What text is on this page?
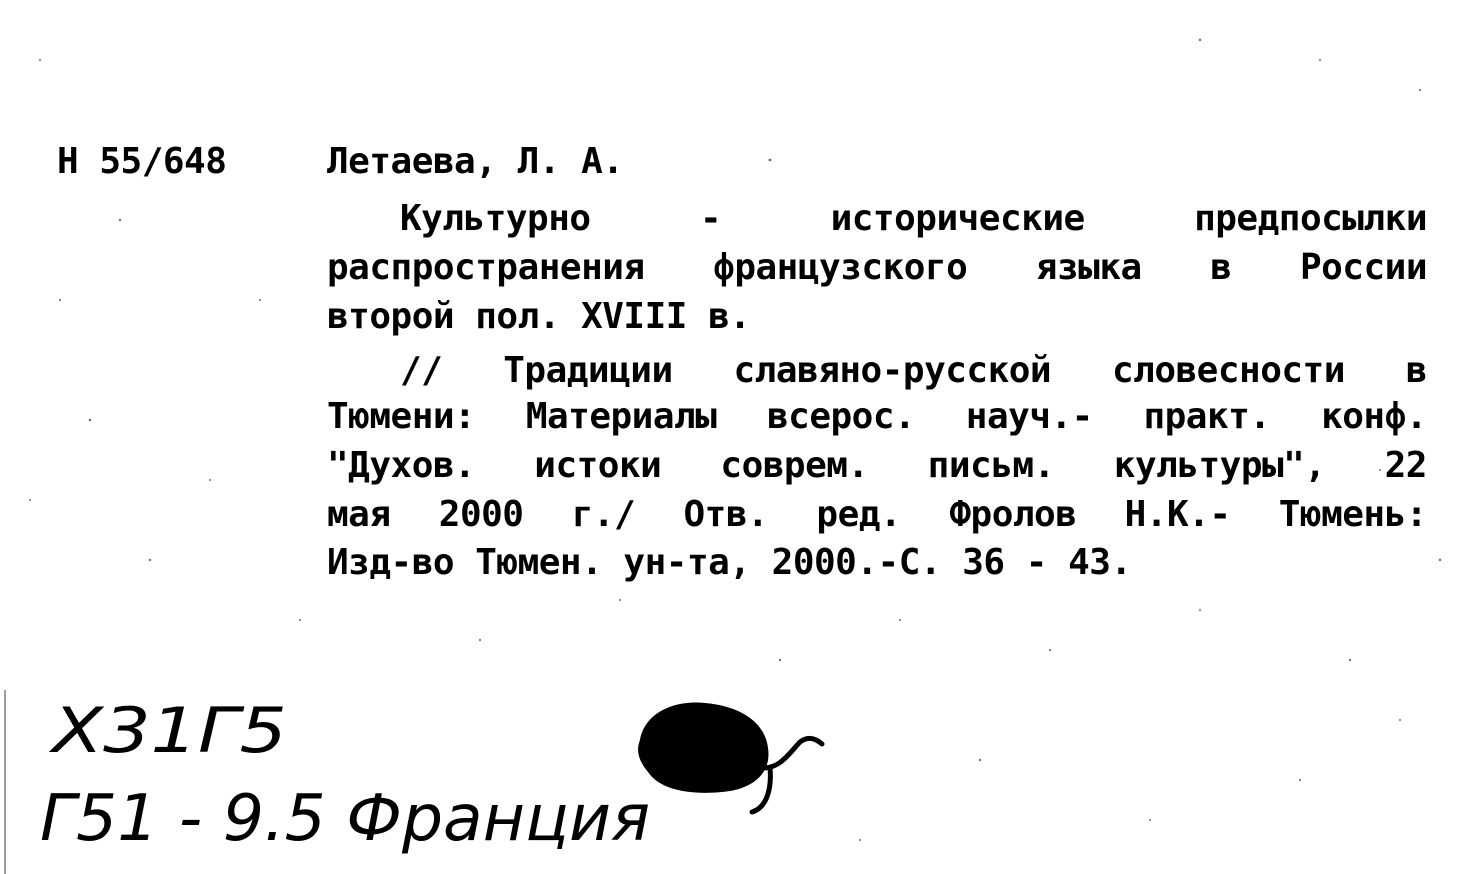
Н 55/648	Летаева, Л. А.
Культурно	-	исторические	предпосылки
распространения французского языка в России
второй пол. XVIII в.
// Традиции славяно-русской словесности в
Тюмени: Материалы всерос. науч.- практ. конф.
"Духов. истоки соврем. письм. культуры", 22
мая 2000 г./ Отв. ред. Фролов Н.К.- Тюмень:
Изд-во Тюмен. ун-та, 2000.-С. 36 - 43.
Х31Г5
Г51 - 9.5 Франция
